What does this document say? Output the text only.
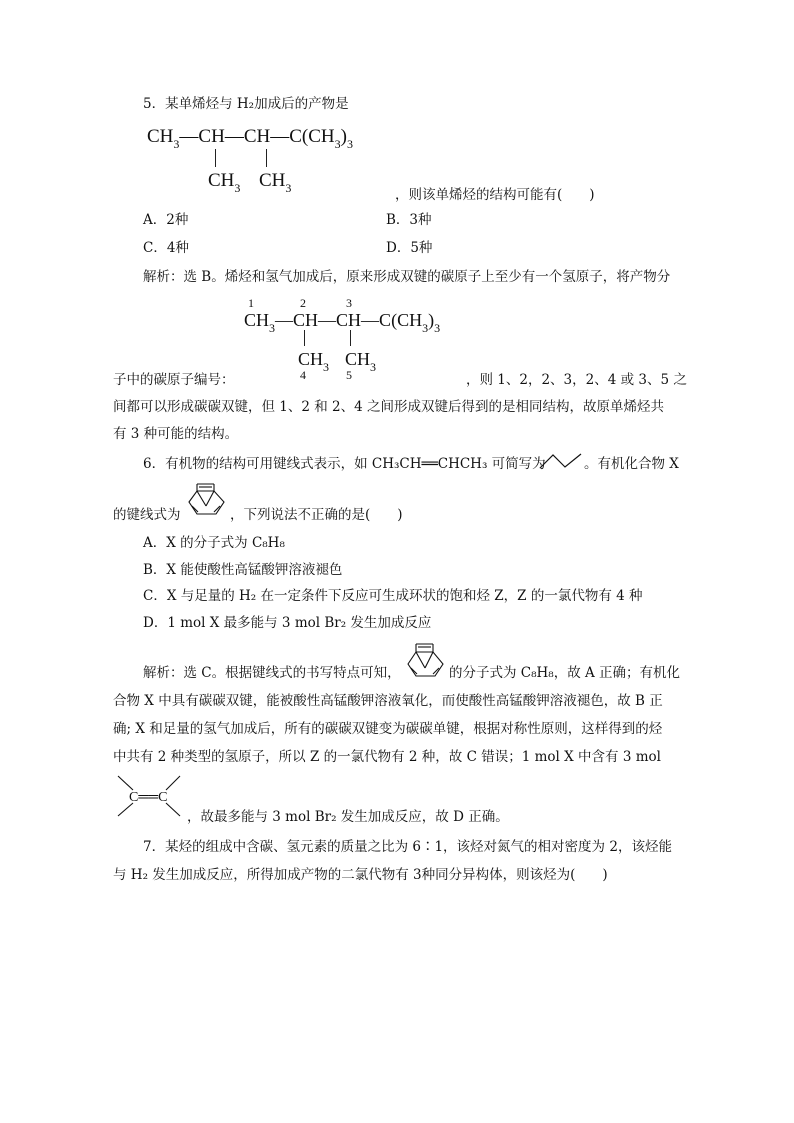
5．某单烯烃与 H₂加成后的产物是
$CH_3—CH—CH—C(CH_3)_3$
$CH_3$ $CH_3$	，则该单烯烃的结构可能有(　　)
A．2种	B．3种
C．4种	D．5种
解析：选 B。烯烃和氢气加成后，原来形成双键的碳原子上至少有一个氢原子，将产物分
1	2	3
$CH_3—CH—CH—C(CH_3)_3$
$CH_3$ $CH_3$
4	5
子中的碳原子编号：	，则 1、2，2、3，2、4 或 3、5 之
间都可以形成碳碳双键，但 1、2 和 2、4 之间形成双键后得到的是相同结构，故原单烯烃共
有 3 种可能的结构。
6．有机物的结构可用键线式表示，如 CH₃CH══CHCH₃ 可简写为	。有机化合物 X
的键线式为	，下列说法不正确的是(　　)
A．X 的分子式为 C₈H₈
B．X 能使酸性高锰酸钾溶液褪色
C．X 与足量的 H₂ 在一定条件下反应可生成环状的饱和烃 Z，Z 的一氯代物有 4 种
D．1 mol X 最多能与 3 mol Br₂ 发生加成反应
解析：选 C。根据键线式的书写特点可知，	的分子式为 C₈H₈，故 A 正确；有机化
合物 X 中具有碳碳双键，能被酸性高锰酸钾溶液氧化，而使酸性高锰酸钾溶液褪色，故 B 正
确; X 和足量的氢气加成后，所有的碳碳双键变为碳碳单键，根据对称性原则，这样得到的烃
中共有 2 种类型的氢原子，所以 Z 的一氯代物有 2 种，故 C 错误；1 mol X 中含有 3 mol
C══C
，故最多能与 3 mol Br₂ 发生加成反应，故 D 正确。
7．某烃的组成中含碳、氢元素的质量之比为 6∶1，该烃对氮气的相对密度为 2，该烃能
与 H₂ 发生加成反应，所得加成产物的二氯代物有 3种同分异构体，则该烃为(　　)
